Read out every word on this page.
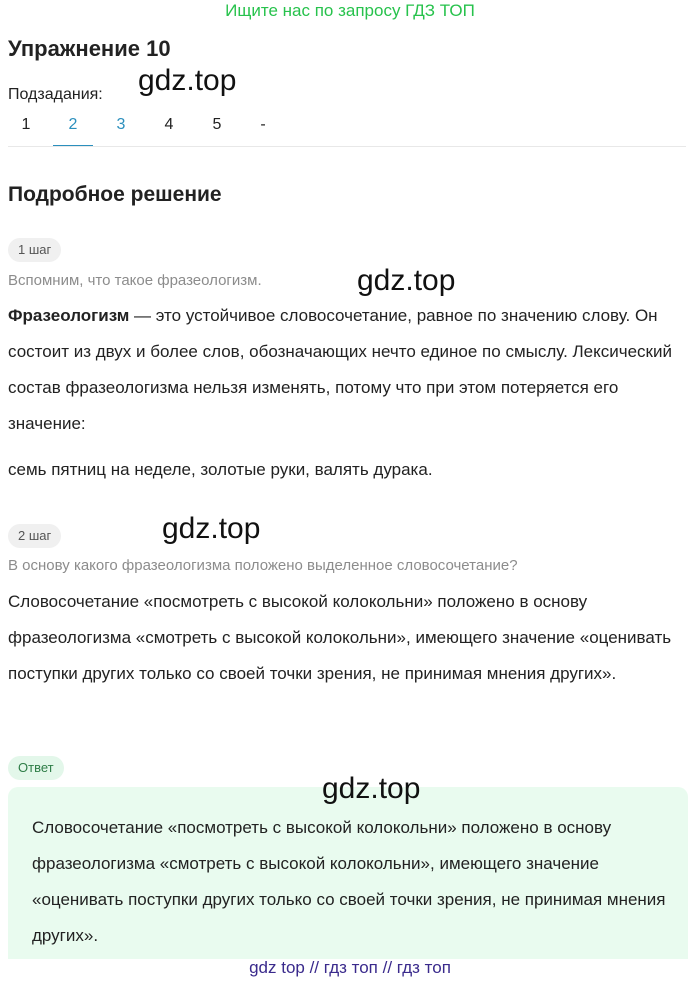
Ищите нас по запросу ГДЗ ТОП
Упражнение 10
Подзадания: gdz.top
1	2	3	4	5	-
Подробное решение
1 шаг
Вспомним, что такое фразеологизм.	gdz.top
Фразеологизм — это устойчивое словосочетание, равное по значению слову. Он состоит из двух и более слов, обозначающих нечто единое по смыслу. Лексический состав фразеологизма нельзя изменять, потому что при этом потеряется его значение:
семь пятниц на неделе, золотые руки, валять дурака.
2 шаг	gdz.top
В основу какого фразеологизма положено выделенное словосочетание?
Словосочетание «посмотреть с высокой колокольни» положено в основу фразеологизма «смотреть с высокой колокольни», имеющего значение «оценивать поступки других только со своей точки зрения, не принимая мнения других».
Ответ
gdz.top
Словосочетание «посмотреть с высокой колокольни» положено в основу фразеологизма «смотреть с высокой колокольни», имеющего значение «оценивать поступки других только со своей точки зрения, не принимая мнения других».
gdz top // гдз топ // гдз топ
